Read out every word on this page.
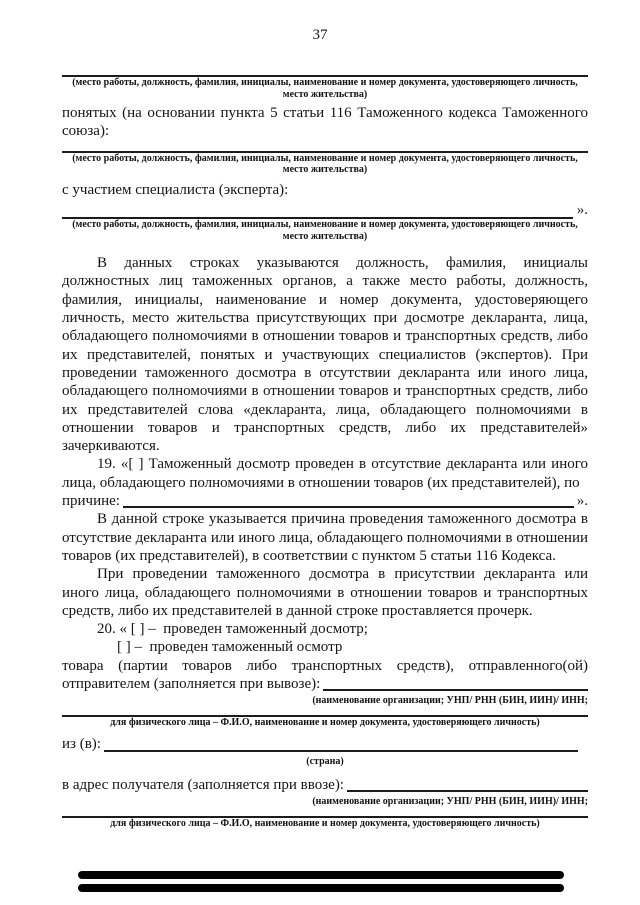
37
(место работы, должность, фамилия, инициалы, наименование и номер документа, удостоверяющего личность,
место жительства)

понятых (на основании пункта 5 статьи 116 Таможенного кодекса Таможенного союза):

(место работы, должность, фамилия, инициалы, наименование и номер документа, удостоверяющего личность,
место жительства)

с участием специалиста (эксперта):

».
(место работы, должность, фамилия, инициалы, наименование и номер документа, удостоверяющего личность,
место жительства)

В данных строках указываются должность, фамилия, инициалы должностных лиц таможенных органов, а также место работы, должность, фамилия, инициалы, наименование и номер документа, удостоверяющего личность, место жительства присутствующих при досмотре декларанта, лица, обладающего полномочиями в отношении товаров и транспортных средств, либо их представителей, понятых и участвующих специалистов (экспертов). При проведении таможенного досмотра в отсутствии декларанта или иного лица, обладающего полномочиями в отношении товаров и транспортных средств, либо их представителей слова «декларанта, лица, обладающего полномочиями в отношении товаров и транспортных средств, либо их представителей» зачеркиваются.

19. «[ ] Таможенный досмотр проведен в отсутствие декларанта или иного лица, обладающего полномочиями в отношении товаров (их представителей), по

причине:	».

В данной строке указывается причина проведения таможенного досмотра в отсутствие декларанта или иного лица, обладающего полномочиями в отношении товаров (их представителей), в соответствии с пунктом 5 статьи 116 Кодекса.

При проведении таможенного досмотра в присутствии декларанта или иного лица, обладающего полномочиями в отношении товаров и транспортных средств, либо их представителей в данной строке проставляется прочерк.

20. « [ ] –  проведен таможенный досмотр;

[ ] –  проведен таможенный осмотр

товара (партии товаров либо транспортных средств), отправленного(ой)

отправителем (заполняется при вывозе):
(наименование организации; УНП/ РНН (БИН, ИИН)/ ИНН;
для физического лица – Ф.И.О, наименование и номер документа, удостоверяющего личность)
из (в):
(страна)
в адрес получателя (заполняется при ввозе):
(наименование организации; УНП/ РНН (БИН, ИИН)/ ИНН;
для физического лица – Ф.И.О, наименование и номер документа, удостоверяющего личность)
